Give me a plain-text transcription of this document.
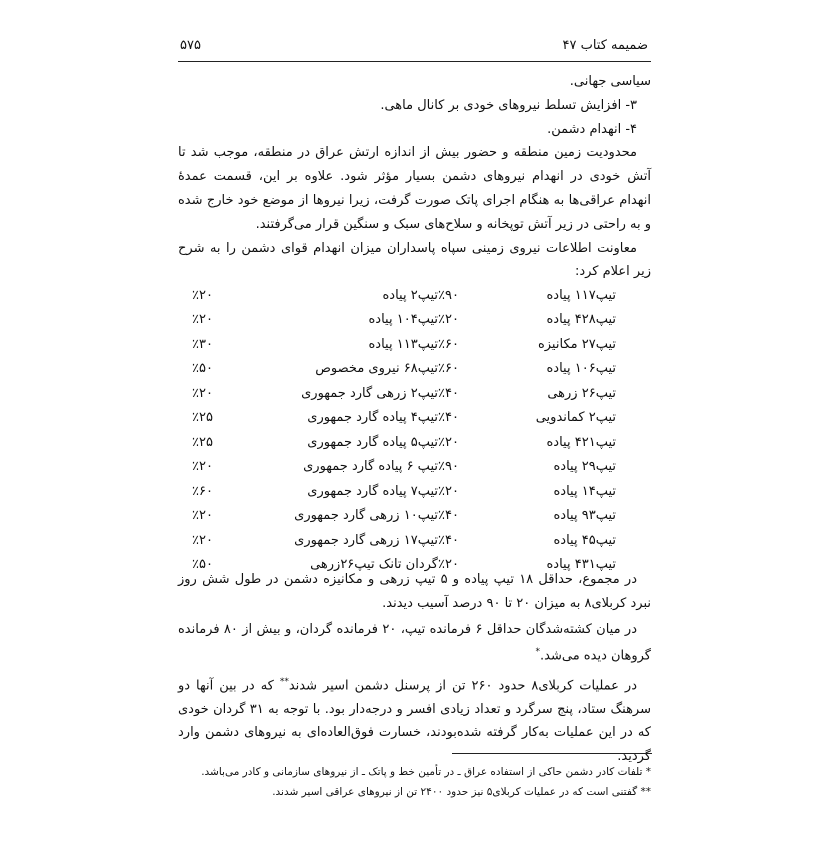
ضمیمه کتاب ۴۷
۵۷۵

سیاسی جهانی.

۳- افزایش تسلط نیروهای خودی بر کانال ماهی.

۴- انهدام دشمن.

محدودیت زمین منطقه و حضور بیش از اندازه ارتش عراق در منطقه، موجب شد تا آتش خودی در انهدام نیروهای دشمن بسیار مؤثر شود. علاوه بر این، قسمت عمدهٔ انهدام عراقی‌ها به هنگام اجرای پاتک صورت گرفت، زیرا نیروها از موضع خود خارج شده و به راحتی در زیر آتش توپخانه و سلاح‌های سبک و سنگین قرار می‌گرفتند.

معاونت اطلاعات نیروی زمینی سپاه پاسداران میزان انهدام قوای دشمن را به شرح زیر اعلام کرد:

تیپ۱۱۷ پیاده	٪۹۰	تیپ۲ پیاده	٪۲۰
تیپ۴۲۸ پیاده	٪۲۰	تیپ۱۰۴ پیاده	٪۲۰
تیپ۲۷ مکانیزه	٪۶۰	تیپ۱۱۳ پیاده	٪۳۰
تیپ۱۰۶ پیاده	٪۶۰	تیپ۶۸ نیروی مخصوص	٪۵۰
تیپ۲۶ زرهی	٪۴۰	تیپ۲ زرهی گارد جمهوری	٪۲۰
تیپ۲ کماندویی	٪۴۰	تیپ۴ پیاده گارد جمهوری	٪۲۵
تیپ۴۲۱ پیاده	٪۲۰	تیپ۵ پیاده گارد جمهوری	٪۲۵
تیپ۲۹ پیاده	٪۹۰	تیپ ۶ پیاده گارد جمهوری	٪۲۰
تیپ۱۴ پیاده	٪۲۰	تیپ۷ پیاده گارد جمهوری	٪۶۰
تیپ۹۳ پیاده	٪۴۰	تیپ۱۰ زرهی گارد جمهوری	٪۲۰
تیپ۴۵ پیاده	٪۴۰	تیپ۱۷ زرهی گارد جمهوری	٪۲۰
تیپ۴۳۱ پیاده	٪۲۰	گردان تانک تیپ۲۶زرهی	٪۵۰

در مجموع، حداقل ۱۸ تیپ پیاده و ۵ تیپ زرهی و مکانیزه دشمن در طول شش روز نبرد کربلای۸ به میزان ۲۰ تا ۹۰ درصد آسیب دیدند.

در میان کشته‌شدگان حداقل ۶ فرمانده تیپ، ۲۰ فرمانده گردان، و بیش از ۸۰ فرمانده گروهان دیده می‌شد.*

در عملیات کربلای۸ حدود ۲۶۰ تن از پرسنل دشمن اسیر شدند** که در بین آنها دو سرهنگ ستاد، پنج سرگرد و تعداد زیادی افسر و درجه‌دار بود. با توجه به ۳۱ گردان خودی که در این عملیات به‌کار گرفته شده‌بودند، خسارت فوق‌العاده‌ای به نیروهای دشمن وارد گردید.

* تلفات کادر دشمن حاکی از استفاده عراق ـ در تأمین خط و پاتک ـ از نیروهای سازمانی و کادر می‌باشد.

** گفتنی است که در عملیات کربلای۵ نیز حدود ۲۴۰۰ تن از نیروهای عراقی اسیر شدند.
